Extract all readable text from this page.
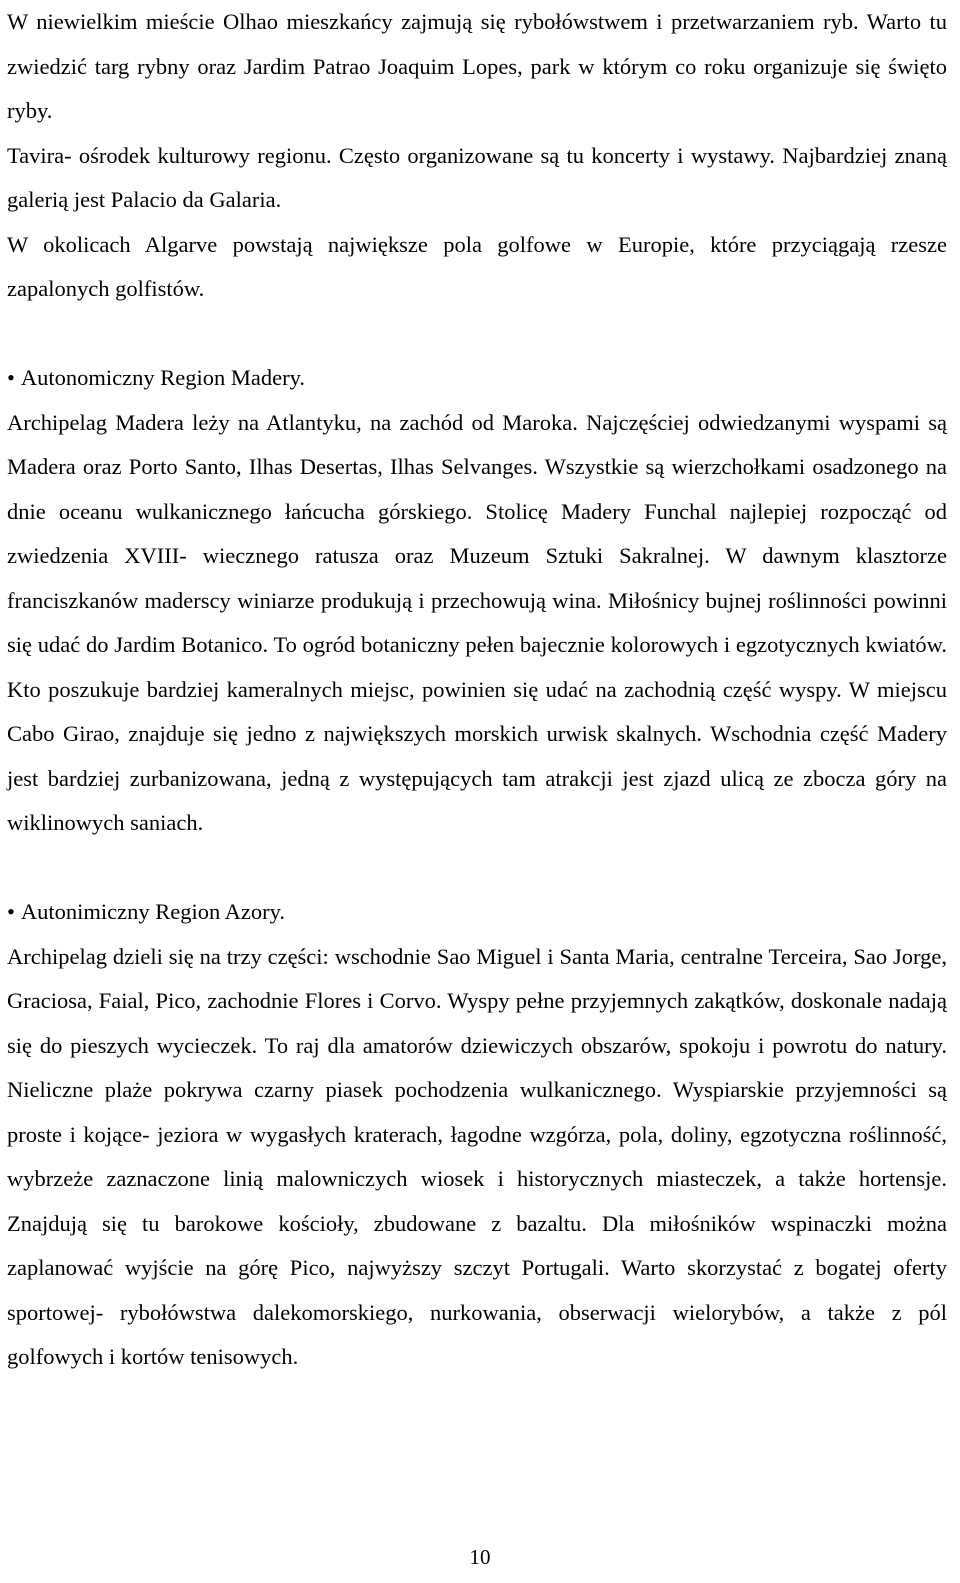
W niewielkim mieście Olhao mieszkańcy zajmują się rybołówstwem i przetwarzaniem ryb. Warto tu zwiedzić targ rybny oraz Jardim Patrao Joaquim Lopes, park w którym co roku organizuje się święto ryby.

Tavira- ośrodek kulturowy regionu. Często organizowane są tu koncerty i wystawy. Najbardziej znaną galerią jest Palacio da Galaria.

W okolicach Algarve powstają największe pola golfowe w Europie, które przyciągają rzesze zapalonych golfistów.

• Autonomiczny Region Madery.

Archipelag Madera leży na Atlantyku, na zachód od Maroka. Najczęściej odwiedzanymi wyspami są Madera oraz Porto Santo, Ilhas Desertas, Ilhas Selvanges. Wszystkie są wierzchołkami osadzonego na dnie oceanu wulkanicznego łańcucha górskiego. Stolicę Madery Funchal najlepiej rozpocząć od zwiedzenia XVIII- wiecznego ratusza oraz Muzeum Sztuki Sakralnej. W dawnym klasztorze franciszkanów maderscy winiarze produkują i przechowują wina. Miłośnicy bujnej roślinności powinni się udać do Jardim Botanico. To ogród botaniczny pełen bajecznie kolorowych i egzotycznych kwiatów. Kto poszukuje bardziej kameralnych miejsc, powinien się udać na zachodnią część wyspy. W miejscu Cabo Girao, znajduje się jedno z największych morskich urwisk skalnych. Wschodnia część Madery jest bardziej zurbanizowana, jedną z występujących tam atrakcji jest zjazd ulicą ze zbocza góry na wiklinowych saniach.

• Autonimiczny Region Azory.

Archipelag dzieli się na trzy części: wschodnie Sao Miguel i Santa Maria, centralne Terceira, Sao Jorge, Graciosa, Faial, Pico, zachodnie Flores i Corvo. Wyspy pełne przyjemnych zakątków, doskonale nadają się do pieszych wycieczek. To raj dla amatorów dziewiczych obszarów, spokoju i powrotu do natury. Nieliczne plaże pokrywa czarny piasek pochodzenia wulkanicznego. Wyspiarskie przyjemności są proste i kojące- jeziora w wygasłych kraterach, łagodne wzgórza, pola, doliny, egzotyczna roślinność, wybrzeże zaznaczone linią malowniczych wiosek i historycznych miasteczek, a także hortensje. Znajdują się tu barokowe kościoły, zbudowane z bazaltu. Dla miłośników wspinaczki można zaplanować wyjście na górę Pico, najwyższy szczyt Portugali. Warto skorzystać z bogatej oferty sportowej- rybołówstwa dalekomorskiego, nurkowania, obserwacji wielorybów, a także z pól golfowych i kortów tenisowych.

10
